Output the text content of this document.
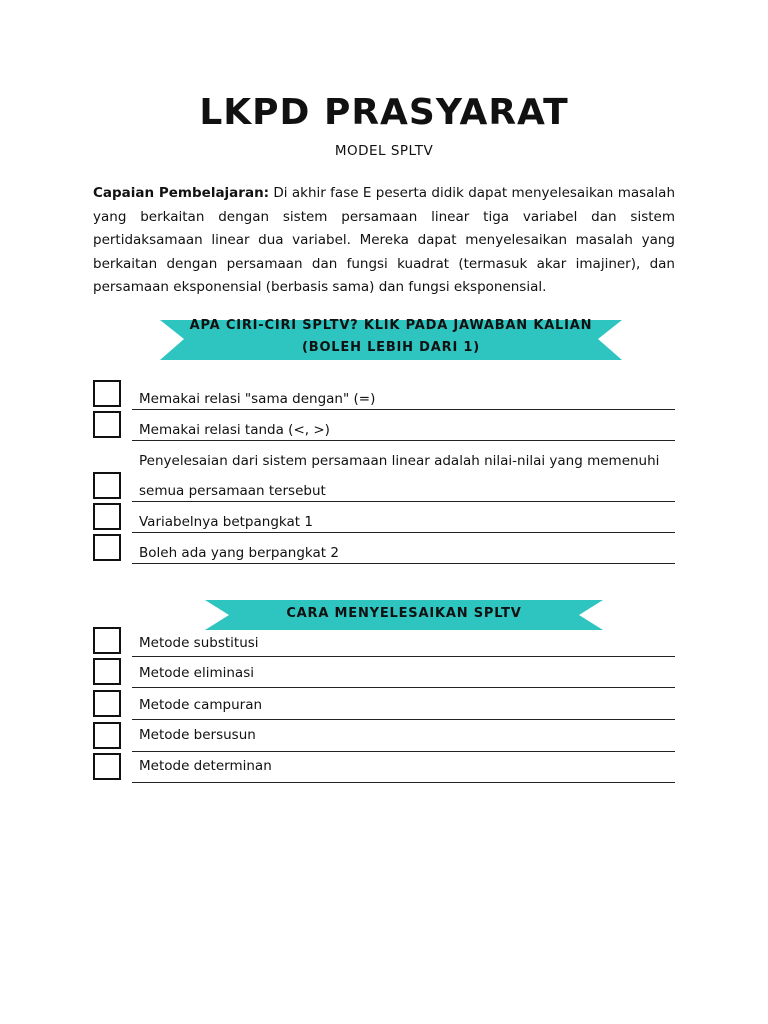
LKPD PRASYARAT
MODEL SPLTV
Capaian Pembelajaran: Di akhir fase E peserta didik dapat menyelesaikan masalah yang berkaitan dengan sistem persamaan linear tiga variabel dan sistem pertidaksamaan linear dua variabel. Mereka dapat menyelesaikan masalah yang berkaitan dengan persamaan dan fungsi kuadrat (termasuk akar imajiner), dan persamaan eksponensial (berbasis sama) dan fungsi eksponensial.
APA CIRI-CIRI SPLTV? KLIK PADA JAWABAN KALIAN
(BOLEH LEBIH DARI 1)
Memakai relasi "sama dengan" (=)
Memakai relasi tanda (<, >)
Penyelesaian dari sistem persamaan linear adalah nilai-nilai yang memenuhi
semua persamaan tersebut
Variabelnya betpangkat 1
Boleh ada yang berpangkat 2
CARA MENYELESAIKAN SPLTV
Metode substitusi
Metode eliminasi
Metode campuran
Metode bersusun
Metode determinan
